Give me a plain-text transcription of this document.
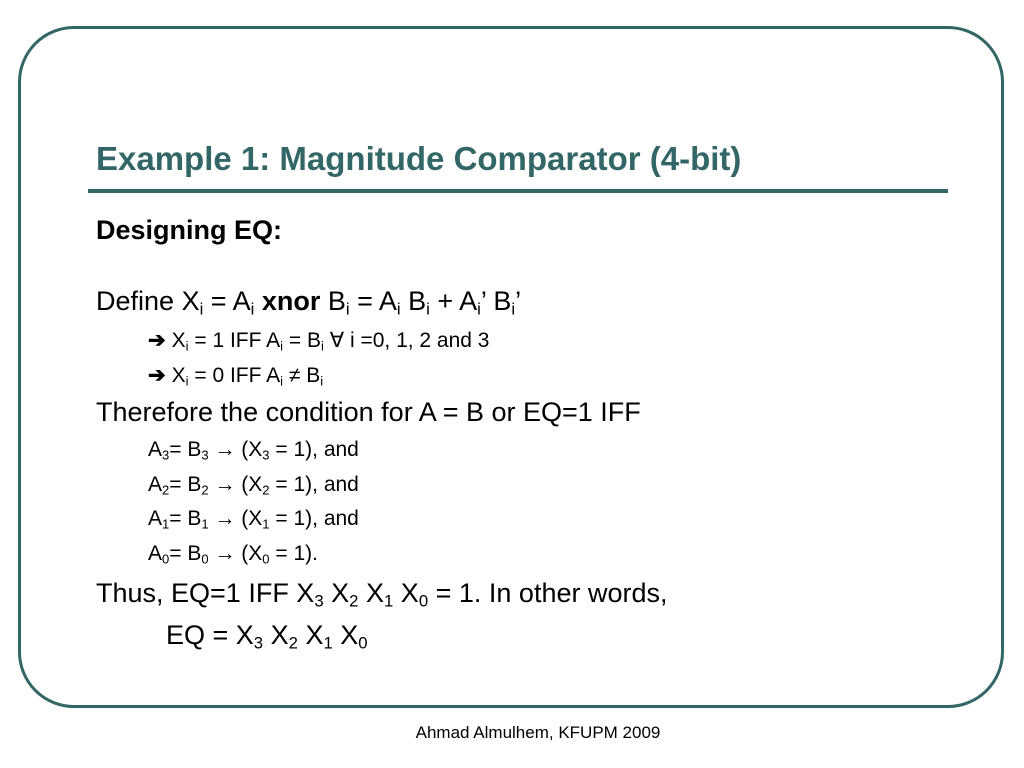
Example 1: Magnitude Comparator (4-bit)
Designing EQ:
Define $X_i = A_i$ xnor $B_i = A_i$ $B_i + A_i$’ $B_i$’
➔ $X_i = 1$ IFF $A_i = B_i$ ∀ i =0, 1, 2 and 3
➔ $X_i = 0$ IFF $A_i \ne B_i$
Therefore the condition for A = B or EQ=1 IFF
$A_3= B_3 \to (X_3 = 1)$, and
$A_2= B_2 \to (X_2 = 1)$, and
$A_1= B_1 \to (X_1 = 1)$, and
$A_0= B_0 \to (X_0 = 1)$.
Thus, EQ=1 IFF $X_3$ $X_2$ $X_1$ $X_0 = 1$. In other words,
EQ = $X_3$ $X_2$ $X_1$ $X_0$
Ahmad Almulhem, KFUPM 2009
